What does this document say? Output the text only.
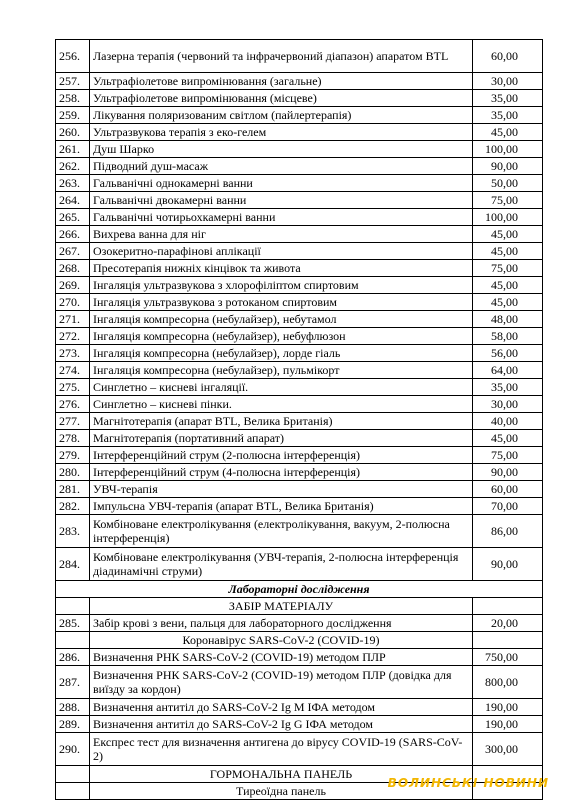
256.	Лазерна терапія (червоний та інфрачервоний діапазон) апаратом BTL	60,00
257.	Ультрафіолетове випромінювання (загальне)	30,00
258.	Ультрафіолетове випромінювання (місцеве)	35,00
259.	Лікування поляризованим світлом (пайлертерапія)	35,00
260.	Ультразвукова терапія з еко-гелем	45,00
261.	Душ Шарко	100,00
262.	Підводний душ-масаж	90,00
263.	Гальванічні однокамерні ванни	50,00
264.	Гальванічні двокамерні ванни	75,00
265.	Гальванічні чотирьохкамерні ванни	100,00
266.	Вихрева ванна для ніг	45,00
267.	Озокеритно-парафінові аплікації	45,00
268.	Пресотерапія нижніх кінцівок та живота	75,00
269.	Інгаляція ультразвукова з хлорофіліптом спиртовим	45,00
270.	Інгаляція ультразвукова з ротоканом спиртовим	45,00
271.	Інгаляція компресорна (небулайзер), небутамол	48,00
272.	Інгаляція компресорна (небулайзер), небуфлюзон	58,00
273.	Інгаляція компресорна (небулайзер), лорде гіаль	56,00
274.	Інгаляція компресорна (небулайзер), пульмікорт	64,00
275.	Синглетно – кисневі інгаляції.	35,00
276.	Синглетно – кисневі пінки.	30,00
277.	Магнітотерапія (апарат BTL, Велика Британія)	40,00
278.	Магнітотерапія (портативний апарат)	45,00
279.	Інтерференційний струм (2-полюсна інтерференція)	75,00
280.	Інтерференційний струм (4-полюсна інтерференція)	90,00
281.	УВЧ-терапія	60,00
282.	Імпульсна УВЧ-терапія (апарат BTL, Велика Британія)	70,00
283.	Комбіноване електролікування (електролікування, вакуум, 2-полюсна інтерференція)	86,00
284.	Комбіноване електролікування (УВЧ-терапія, 2-полюсна інтерференція діадинамічні струми)	90,00
Лабораторні дослідження		
	ЗАБІР МАТЕРІАЛУ	
285.	Забір крові з вени, пальця для лабораторного дослідження	20,00
	Коронавірус SARS-CoV-2 (COVID-19)	
286.	Визначення РНК SARS-CoV-2 (COVID-19) методом ПЛР	750,00
287.	Визначення РНК SARS-CoV-2 (COVID-19) методом ПЛР (довідка для виїзду за кордон)	800,00
288.	Визначення антитіл до SARS-CoV-2 Ig M ІФА методом	190,00
289.	Визначення антитіл до SARS-CoV-2 Ig G ІФА методом	190,00
290.	Експрес тест для визначення антигена до вірусу COVID-19 (SARS-CoV-2)	300,00
	ГОРМОНАЛЬНА ПАНЕЛЬ	
	Тиреоїдна панель	
ВОЛИНСЬКІ НОВИНИ
